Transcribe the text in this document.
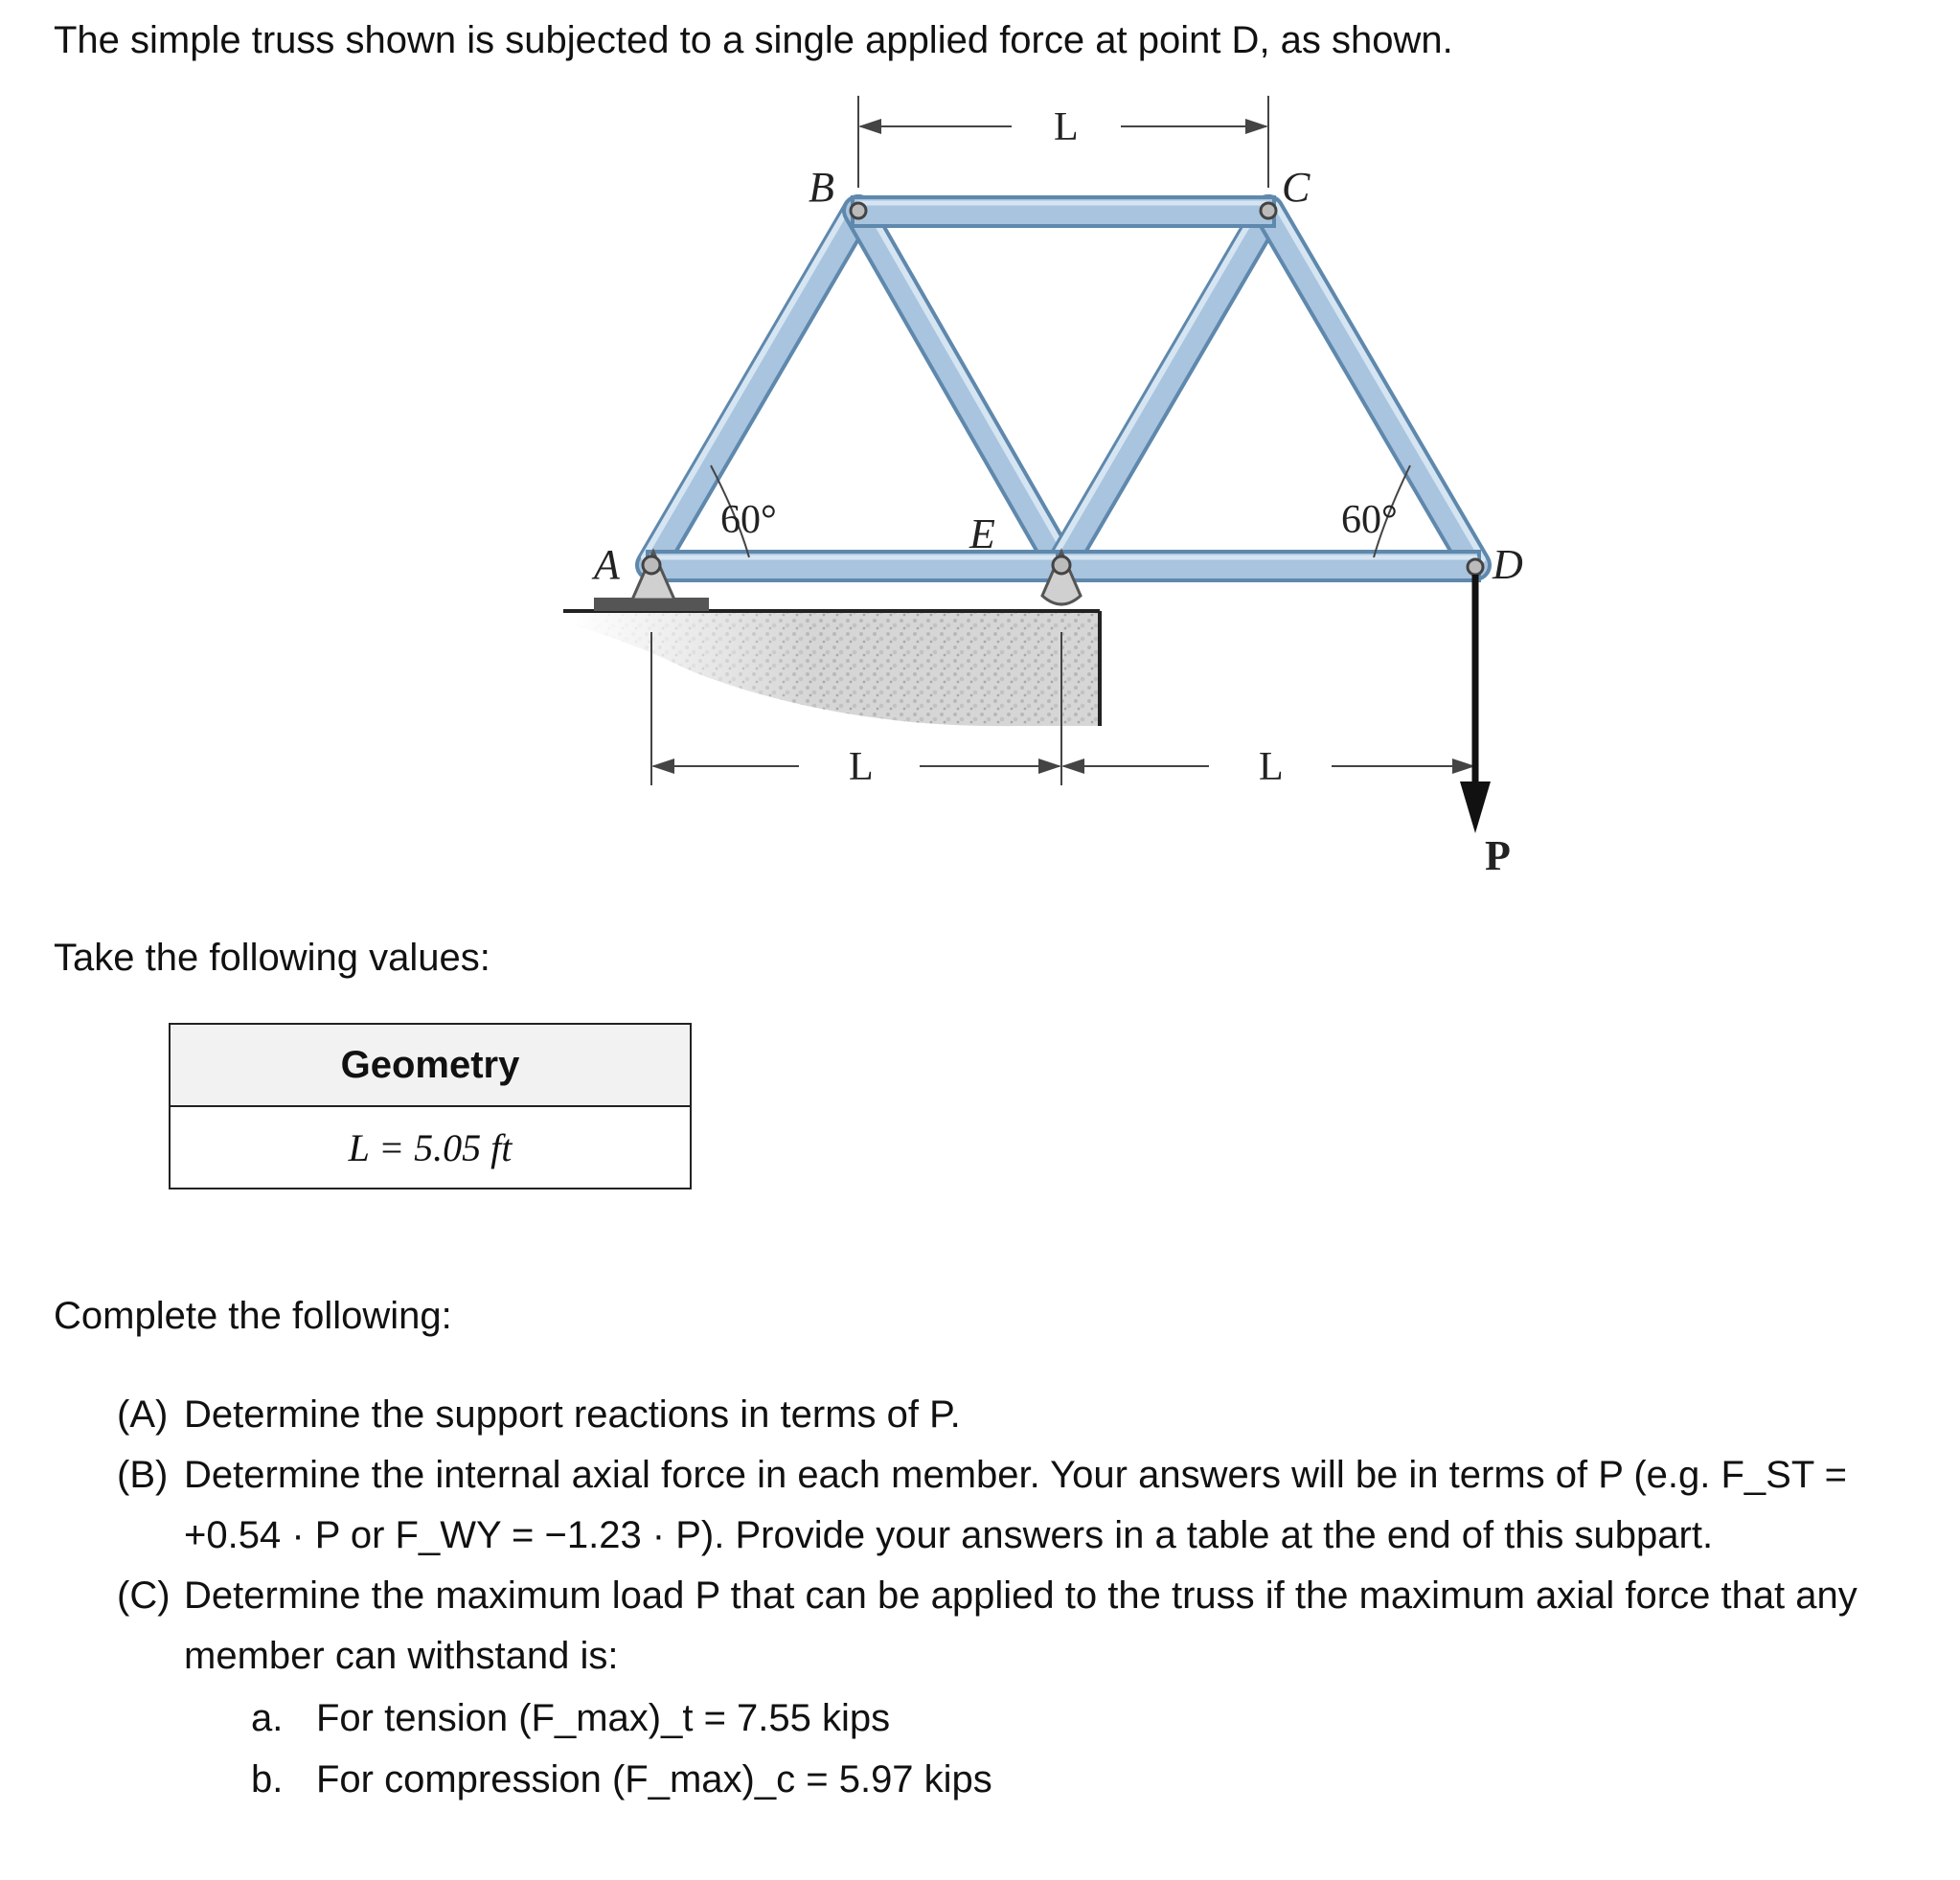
The simple truss shown is subjected to a single applied force at point D, as shown.
B	C
A	D
E
P
L
L	L
60°	60°
Take the following values:
Geometry
L = 5.05 ft
Complete the following:
(A) Determine the support reactions in terms of P.
(B) Determine the internal axial force in each member. Your answers will be in terms of P (e.g. F_ST = +0.54 · P or F_WY = −1.23 · P). Provide your answers in a table at the end of this subpart.
(C) Determine the maximum load P that can be applied to the truss if the maximum axial force that any member can withstand is:
a. For tension (F_max)_t = 7.55 kips
b. For compression (F_max)_c = 5.97 kips
